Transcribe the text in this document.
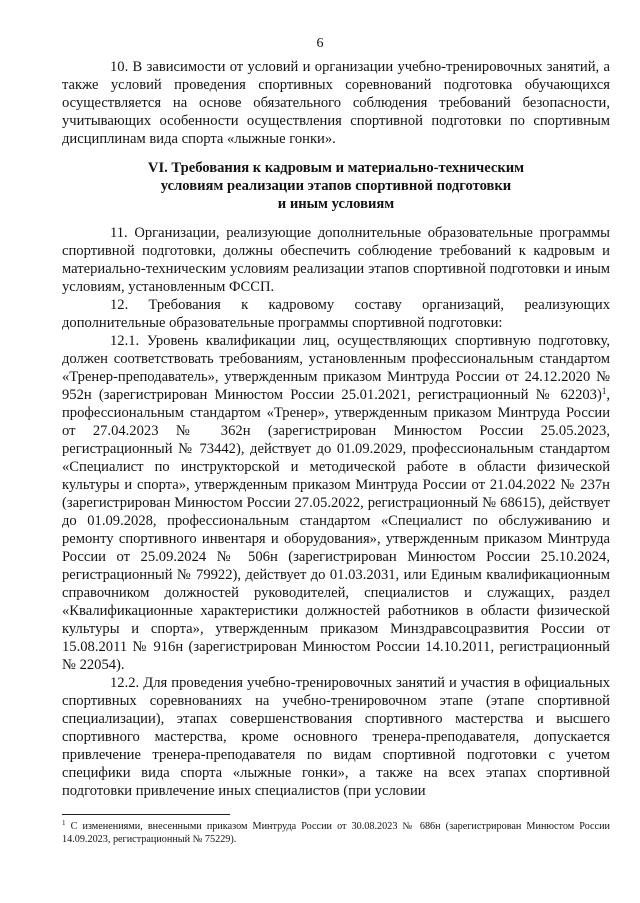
6

10. В зависимости от условий и организации учебно-тренировочных занятий, а также условий проведения спортивных соревнований подготовка обучающихся осуществляется на основе обязательного соблюдения требований безопасности, учитывающих особенности осуществления спортивной подготовки по спортивным дисциплинам вида спорта «лыжные гонки».

VI. Требования к кадровым и материально-техническим
условиям реализации этапов спортивной подготовки
и иным условиям

11. Организации, реализующие дополнительные образовательные программы спортивной подготовки, должны обеспечить соблюдение требований к кадровым и материально-техническим условиям реализации этапов спортивной подготовки и иным условиям, установленным ФССП.

12. Требования к кадровому составу организаций, реализующих дополнительные образовательные программы спортивной подготовки:

12.1. Уровень квалификации лиц, осуществляющих спортивную подготовку, должен соответствовать требованиям, установленным профессиональным стандартом «Тренер-преподаватель», утвержденным приказом Минтруда России от 24.12.2020 № 952н (зарегистрирован Минюстом России 25.01.2021, регистрационный № 62203)$^1$, профессиональным стандартом «Тренер», утвержденным приказом Минтруда России от 27.04.2023 № 362н (зарегистрирован Минюстом России 25.05.2023, регистрационный № 73442), действует до 01.09.2029, профессиональным стандартом «Специалист по инструкторской и методической работе в области физической культуры и спорта», утвержденным приказом Минтруда России от 21.04.2022 № 237н (зарегистрирован Минюстом России 27.05.2022, регистрационный № 68615), действует до 01.09.2028, профессиональным стандартом «Специалист по обслуживанию и ремонту спортивного инвентаря и оборудования», утвержденным приказом Минтруда России от 25.09.2024 № 506н (зарегистрирован Минюстом России 25.10.2024, регистрационный № 79922), действует до 01.03.2031, или Единым квалификационным справочником должностей руководителей, специалистов и служащих, раздел «Квалификационные характеристики должностей работников в области физической культуры и спорта», утвержденным приказом Минздравсоцразвития России от 15.08.2011 № 916н (зарегистрирован Минюстом России 14.10.2011, регистрационный № 22054).

12.2. Для проведения учебно-тренировочных занятий и участия в официальных спортивных соревнованиях на учебно-тренировочном этапе (этапе спортивной специализации), этапах совершенствования спортивного мастерства и высшего спортивного мастерства, кроме основного тренера-преподавателя, допускается привлечение тренера-преподавателя по видам спортивной подготовки с учетом специфики вида спорта «лыжные гонки», а также на всех этапах спортивной подготовки привлечение иных специалистов (при условии

$^1$ С изменениями, внесенными приказом Минтруда России от 30.08.2023 № 686н (зарегистрирован Минюстом России 14.09.2023, регистрационный № 75229).
